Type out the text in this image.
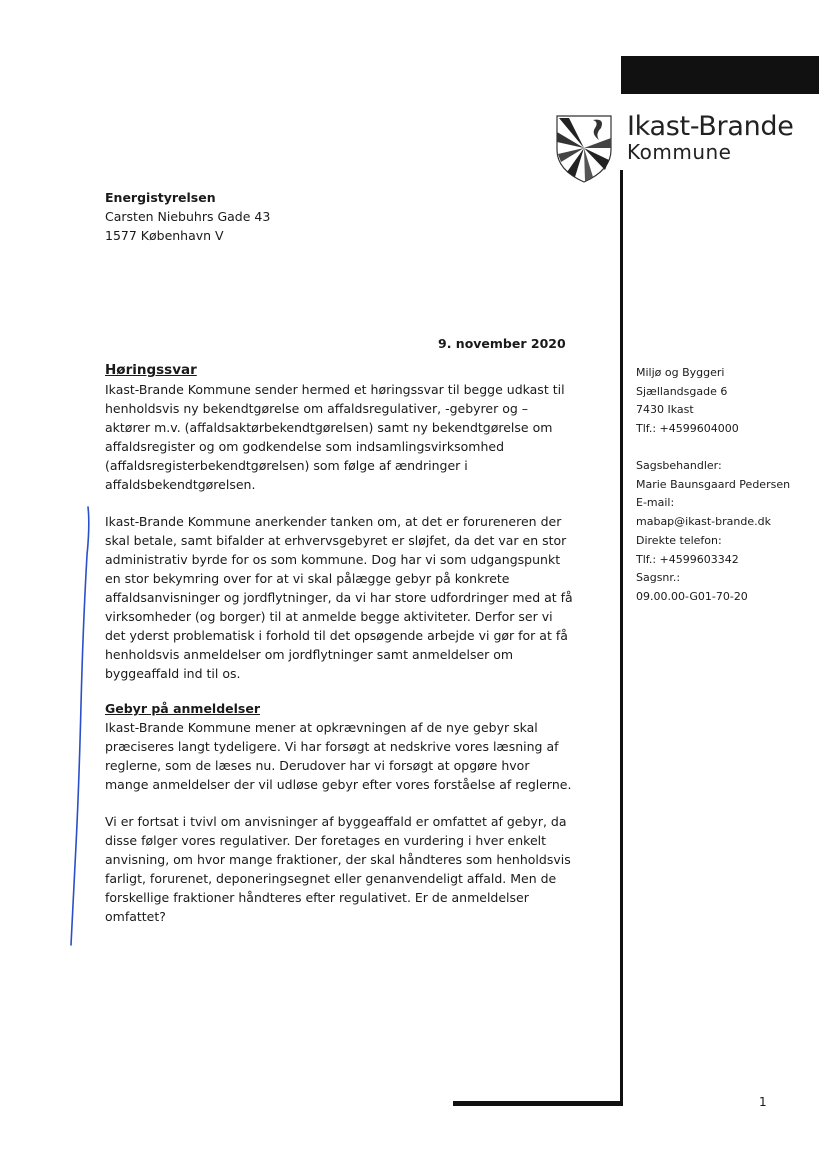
Ikast-Brande
Kommune
Energistyrelsen
Carsten Niebuhrs Gade 43
1577 København V
9. november 2020
Høringssvar
Ikast-Brande Kommune sender hermed et høringssvar til begge udkast til
henholdsvis ny bekendtgørelse om affaldsregulativer, -gebyrer og –
aktører m.v. (affaldsaktørbekendtgørelsen) samt ny bekendtgørelse om
affaldsregister og om godkendelse som indsamlingsvirksomhed
(affaldsregisterbekendtgørelsen) som følge af ændringer i
affaldsbekendtgørelsen.
Ikast-Brande Kommune anerkender tanken om, at det er forureneren der
skal betale, samt bifalder at erhvervsgebyret er sløjfet, da det var en stor
administrativ byrde for os som kommune. Dog har vi som udgangspunkt
en stor bekymring over for at vi skal pålægge gebyr på konkrete
affaldsanvisninger og jordflytninger, da vi har store udfordringer med at få
virksomheder (og borger) til at anmelde begge aktiviteter. Derfor ser vi
det yderst problematisk i forhold til det opsøgende arbejde vi gør for at få
henholdsvis anmeldelser om jordflytninger samt anmeldelser om
byggeaffald ind til os.
Gebyr på anmeldelser
Ikast-Brande Kommune mener at opkrævningen af de nye gebyr skal
præciseres langt tydeligere. Vi har forsøgt at nedskrive vores læsning af
reglerne, som de læses nu. Derudover har vi forsøgt at opgøre hvor
mange anmeldelser der vil udløse gebyr efter vores forståelse af reglerne.
Vi er fortsat i tvivl om anvisninger af byggeaffald er omfattet af gebyr, da
disse følger vores regulativer. Der foretages en vurdering i hver enkelt
anvisning, om hvor mange fraktioner, der skal håndteres som henholdsvis
farligt, forurenet, deponeringsegnet eller genanvendeligt affald. Men de
forskellige fraktioner håndteres efter regulativet. Er de anmeldelser
omfattet?
Miljø og Byggeri
Sjællandsgade 6
7430 Ikast
Tlf.: +4599604000
Sagsbehandler:
Marie Baunsgaard Pedersen
E-mail:
mabap@ikast-brande.dk
Direkte telefon:
Tlf.: +4599603342
Sagsnr.:
09.00.00-G01-70-20
1
